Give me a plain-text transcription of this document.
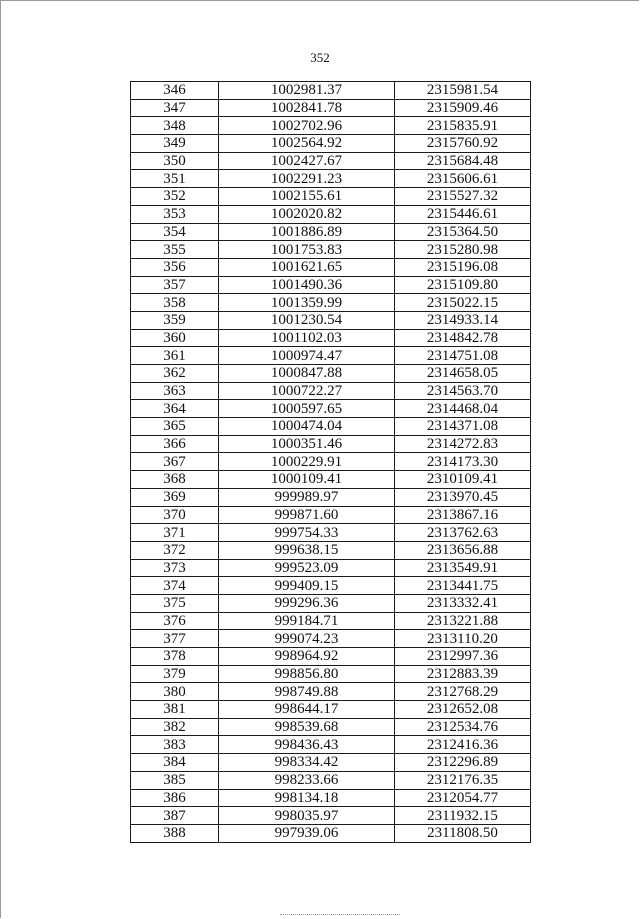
352
346	1002981.37	2315981.54
347	1002841.78	2315909.46
348	1002702.96	2315835.91
349	1002564.92	2315760.92
350	1002427.67	2315684.48
351	1002291.23	2315606.61
352	1002155.61	2315527.32
353	1002020.82	2315446.61
354	1001886.89	2315364.50
355	1001753.83	2315280.98
356	1001621.65	2315196.08
357	1001490.36	2315109.80
358	1001359.99	2315022.15
359	1001230.54	2314933.14
360	1001102.03	2314842.78
361	1000974.47	2314751.08
362	1000847.88	2314658.05
363	1000722.27	2314563.70
364	1000597.65	2314468.04
365	1000474.04	2314371.08
366	1000351.46	2314272.83
367	1000229.91	2314173.30
368	1000109.41	2310109.41
369	999989.97	2313970.45
370	999871.60	2313867.16
371	999754.33	2313762.63
372	999638.15	2313656.88
373	999523.09	2313549.91
374	999409.15	2313441.75
375	999296.36	2313332.41
376	999184.71	2313221.88
377	999074.23	2313110.20
378	998964.92	2312997.36
379	998856.80	2312883.39
380	998749.88	2312768.29
381	998644.17	2312652.08
382	998539.68	2312534.76
383	998436.43	2312416.36
384	998334.42	2312296.89
385	998233.66	2312176.35
386	998134.18	2312054.77
387	998035.97	2311932.15
388	997939.06	2311808.50
